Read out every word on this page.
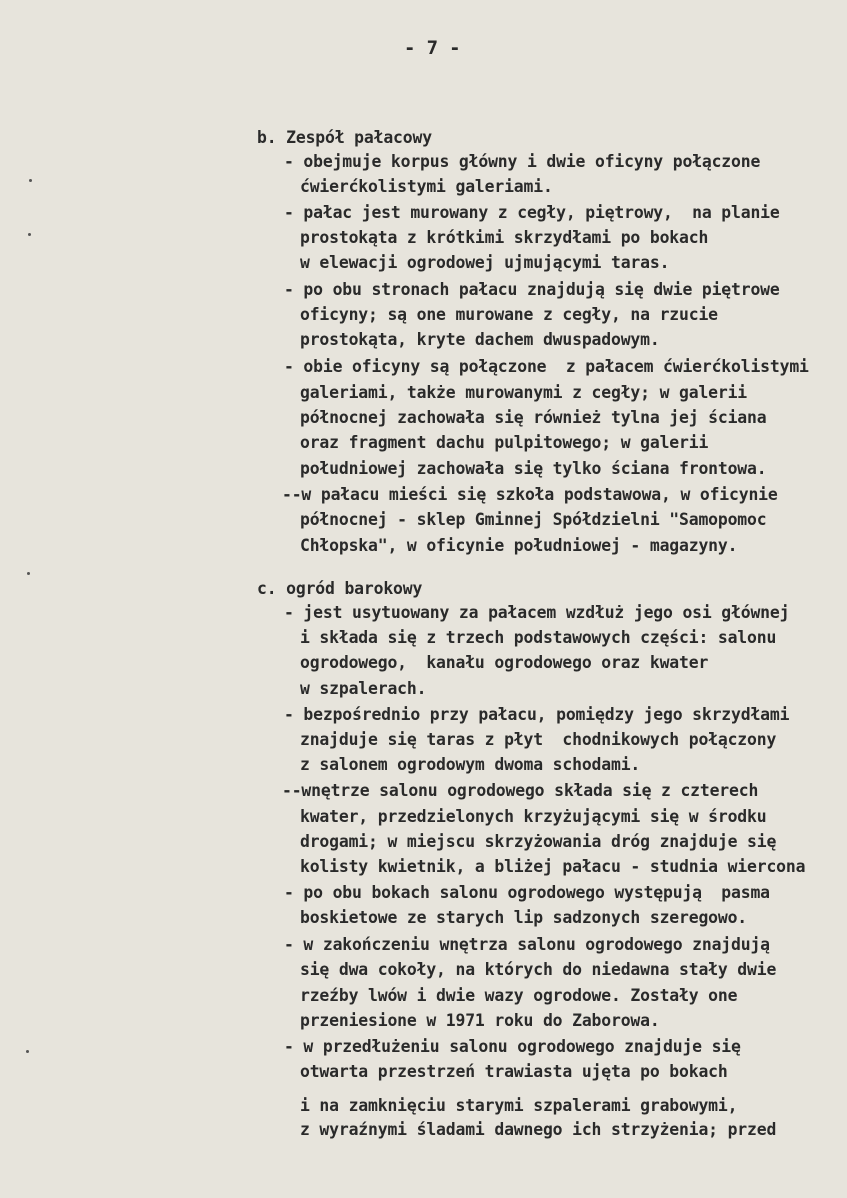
- 7 -
b. Zespół pałacowy
- obejmuje korpus główny i dwie oficyny połączone
ćwierćkolistymi galeriami.
- pałac jest murowany z cegły, piętrowy,  na planie
prostokąta z krótkimi skrzydłami po bokach
w elewacji ogrodowej ujmującymi taras.
- po obu stronach pałacu znajdują się dwie piętrowe
oficyny; są one murowane z cegły, na rzucie
prostokąta, kryte dachem dwuspadowym.
- obie oficyny są połączone  z pałacem ćwierćkolistymi
galeriami, także murowanymi z cegły; w galerii
północnej zachowała się również tylna jej ściana
oraz fragment dachu pulpitowego; w galerii
południowej zachowała się tylko ściana frontowa.
--w pałacu mieści się szkoła podstawowa, w oficynie
północnej - sklep Gminnej Spółdzielni "Samopomoc
Chłopska", w oficynie południowej - magazyny.
c. ogród barokowy
- jest usytuowany za pałacem wzdłuż jego osi głównej
i składa się z trzech podstawowych części: salonu
ogrodowego,  kanału ogrodowego oraz kwater
w szpalerach.
- bezpośrednio przy pałacu, pomiędzy jego skrzydłami
znajduje się taras z płyt  chodnikowych połączony
z salonem ogrodowym dwoma schodami.
--wnętrze salonu ogrodowego składa się z czterech
kwater, przedzielonych krzyżującymi się w środku
drogami; w miejscu skrzyżowania dróg znajduje się
kolisty kwietnik, a bliżej pałacu - studnia wiercona
- po obu bokach salonu ogrodowego występują  pasma
boskietowe ze starych lip sadzonych szeregowo.
- w zakończeniu wnętrza salonu ogrodowego znajdują
się dwa cokoły, na których do niedawna stały dwie
rzeźby lwów i dwie wazy ogrodowe. Zostały one
przeniesione w 1971 roku do Zaborowa.
- w przedłużeniu salonu ogrodowego znajduje się
otwarta przestrzeń trawiasta ujęta po bokach
i na zamknięciu starymi szpalerami grabowymi,
z wyraźnymi śladami dawnego ich strzyżenia; przed
